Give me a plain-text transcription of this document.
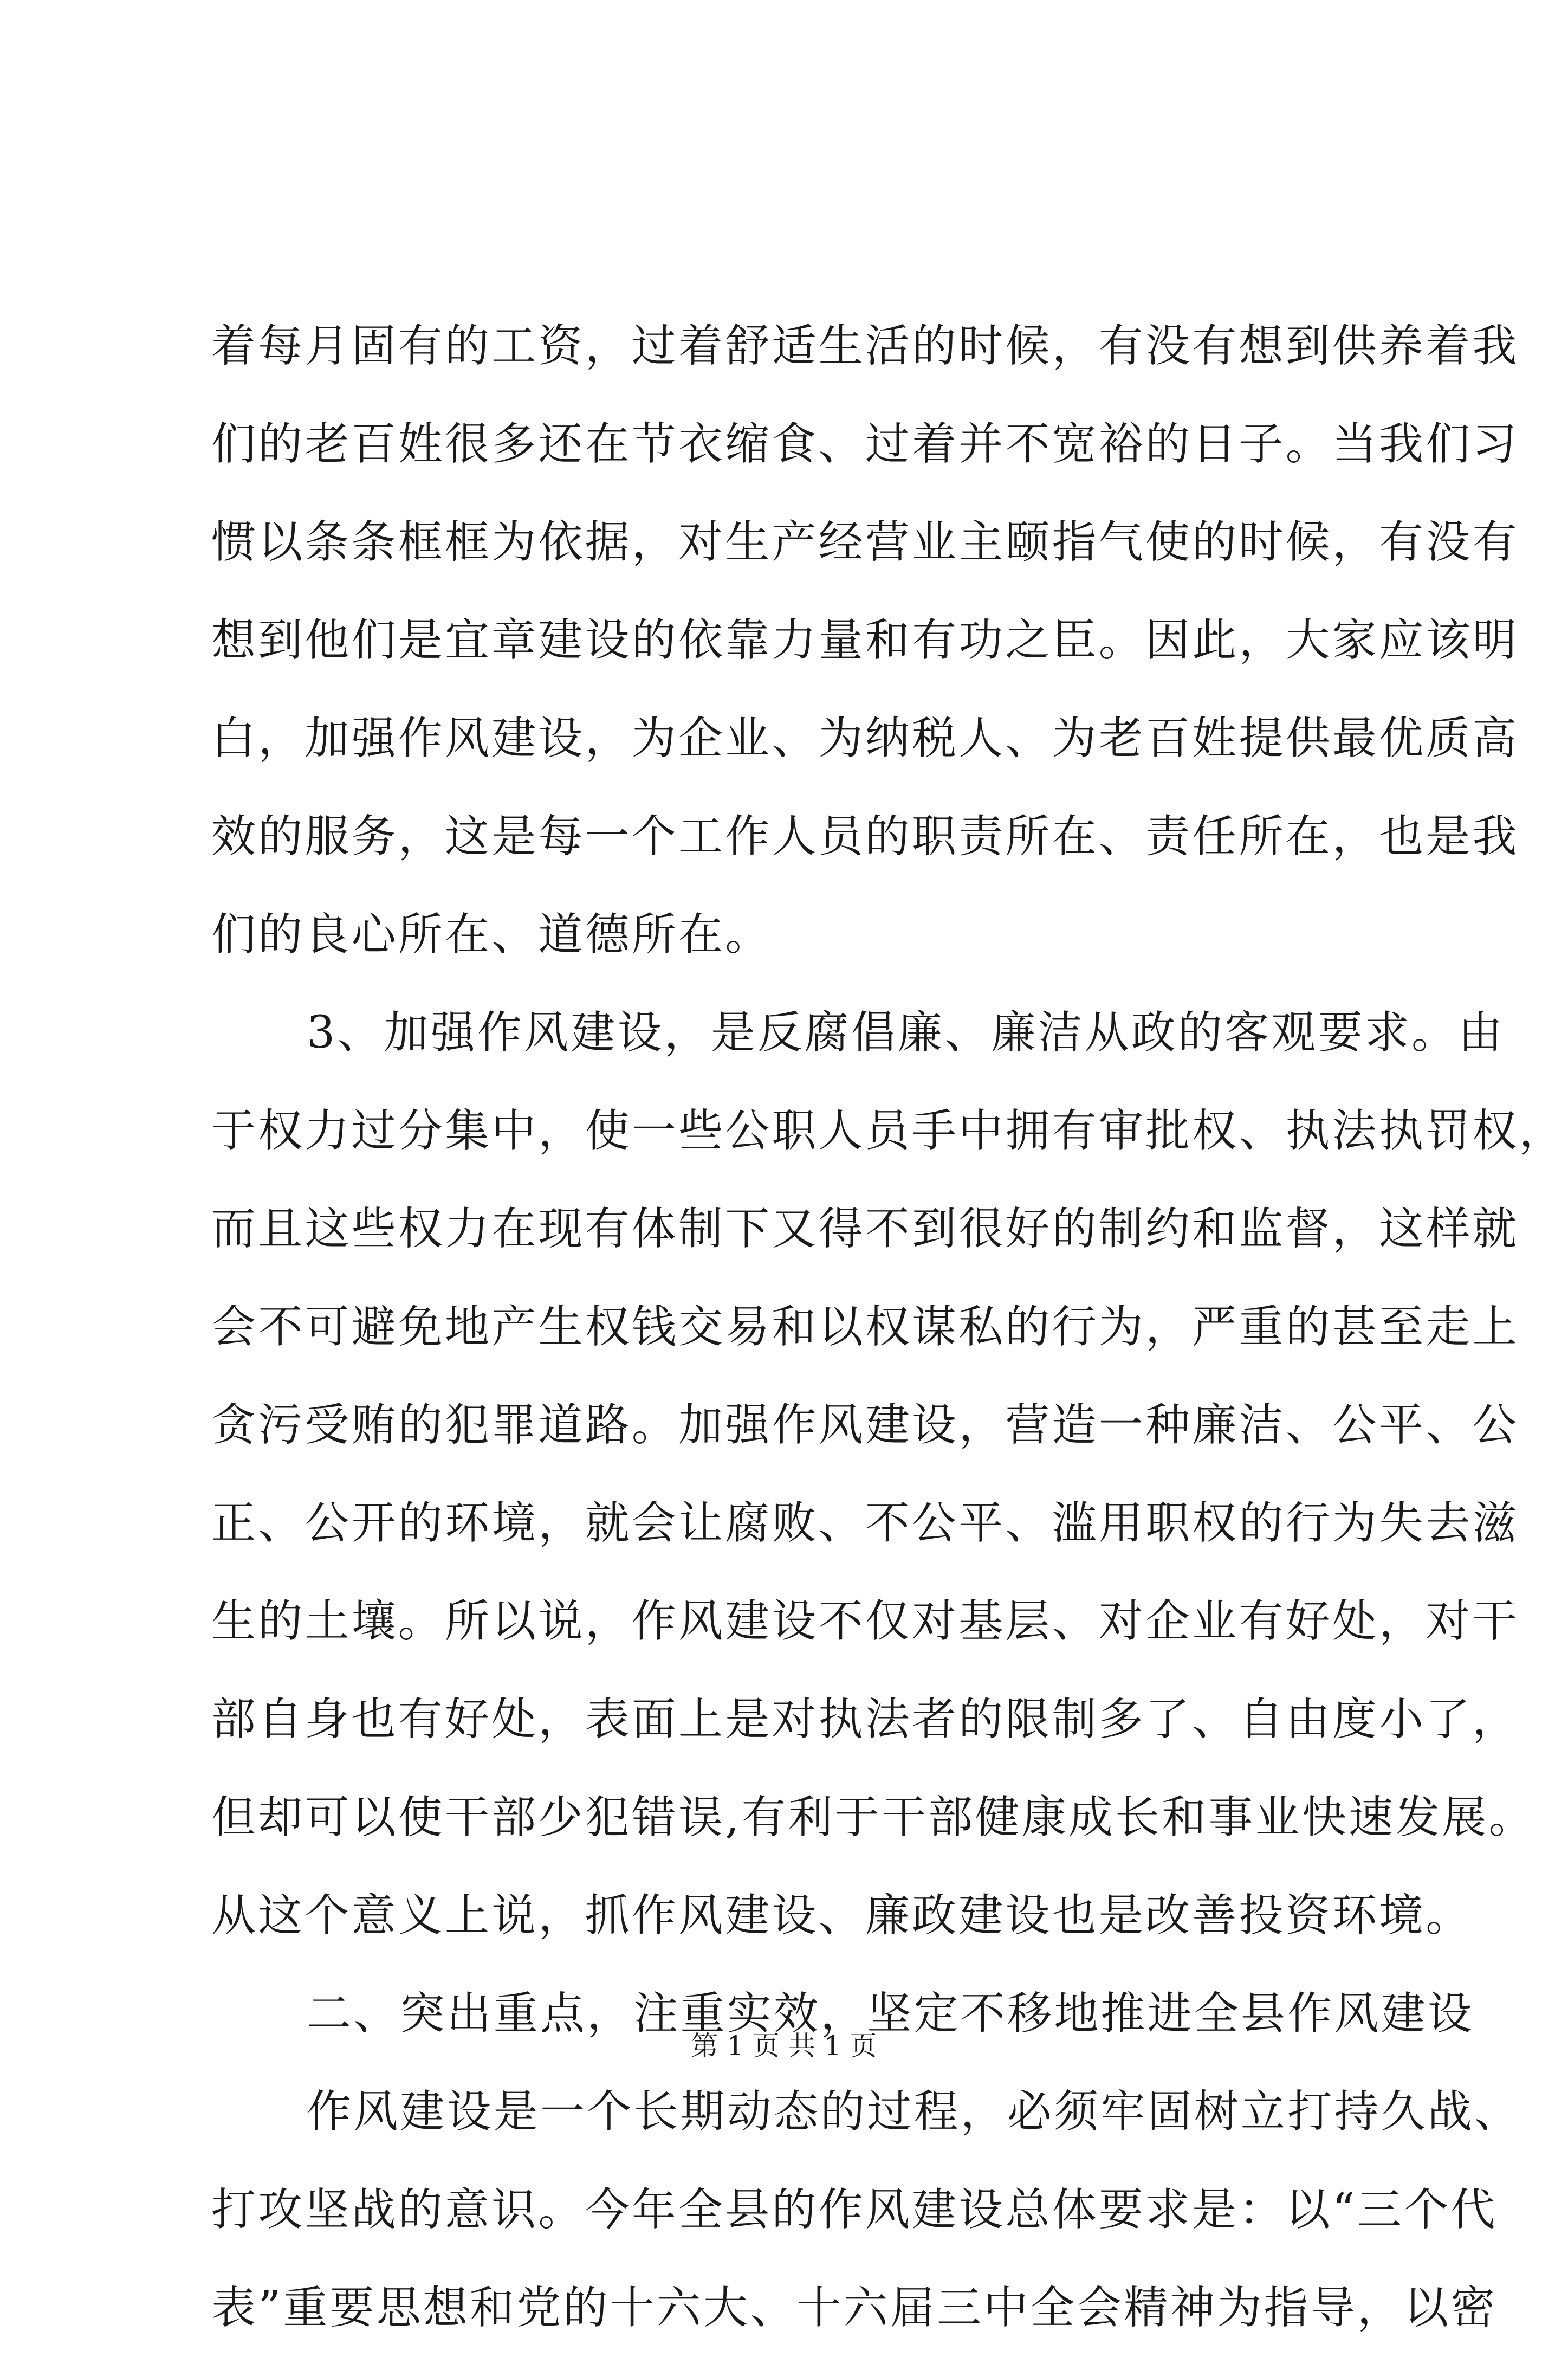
着每月固有的工资，过着舒适生活的时候，有没有想到供养着我
们的老百姓很多还在节衣缩食、过着并不宽裕的日子。当我们习
惯以条条框框为依据，对生产经营业主颐指气使的时候，有没有
想到他们是宜章建设的依靠力量和有功之臣。因此，大家应该明
白，加强作风建设，为企业、为纳税人、为老百姓提供最优质高
效的服务，这是每一个工作人员的职责所在、责任所在，也是我
们的良心所在、道德所在。
3、加强作风建设，是反腐倡廉、廉洁从政的客观要求。由
于权力过分集中，使一些公职人员手中拥有审批权、执法执罚权，
而且这些权力在现有体制下又得不到很好的制约和监督，这样就
会不可避免地产生权钱交易和以权谋私的行为，严重的甚至走上
贪污受贿的犯罪道路。加强作风建设，营造一种廉洁、公平、公
正、公开的环境，就会让腐败、不公平、滥用职权的行为失去滋
生的土壤。所以说，作风建设不仅对基层、对企业有好处，对干
部自身也有好处，表面上是对执法者的限制多了、自由度小了，
但却可以使干部少犯错误,有利于干部健康成长和事业快速发展。
从这个意义上说，抓作风建设、廉政建设也是改善投资环境。
二、突出重点，注重实效，坚定不移地推进全县作风建设
作风建设是一个长期动态的过程，必须牢固树立打持久战、
打攻坚战的意识。今年全县的作风建设总体要求是：以“三个代
表”重要思想和党的十六大、十六届三中全会精神为指导，以密
第 1 页 共 1 页
